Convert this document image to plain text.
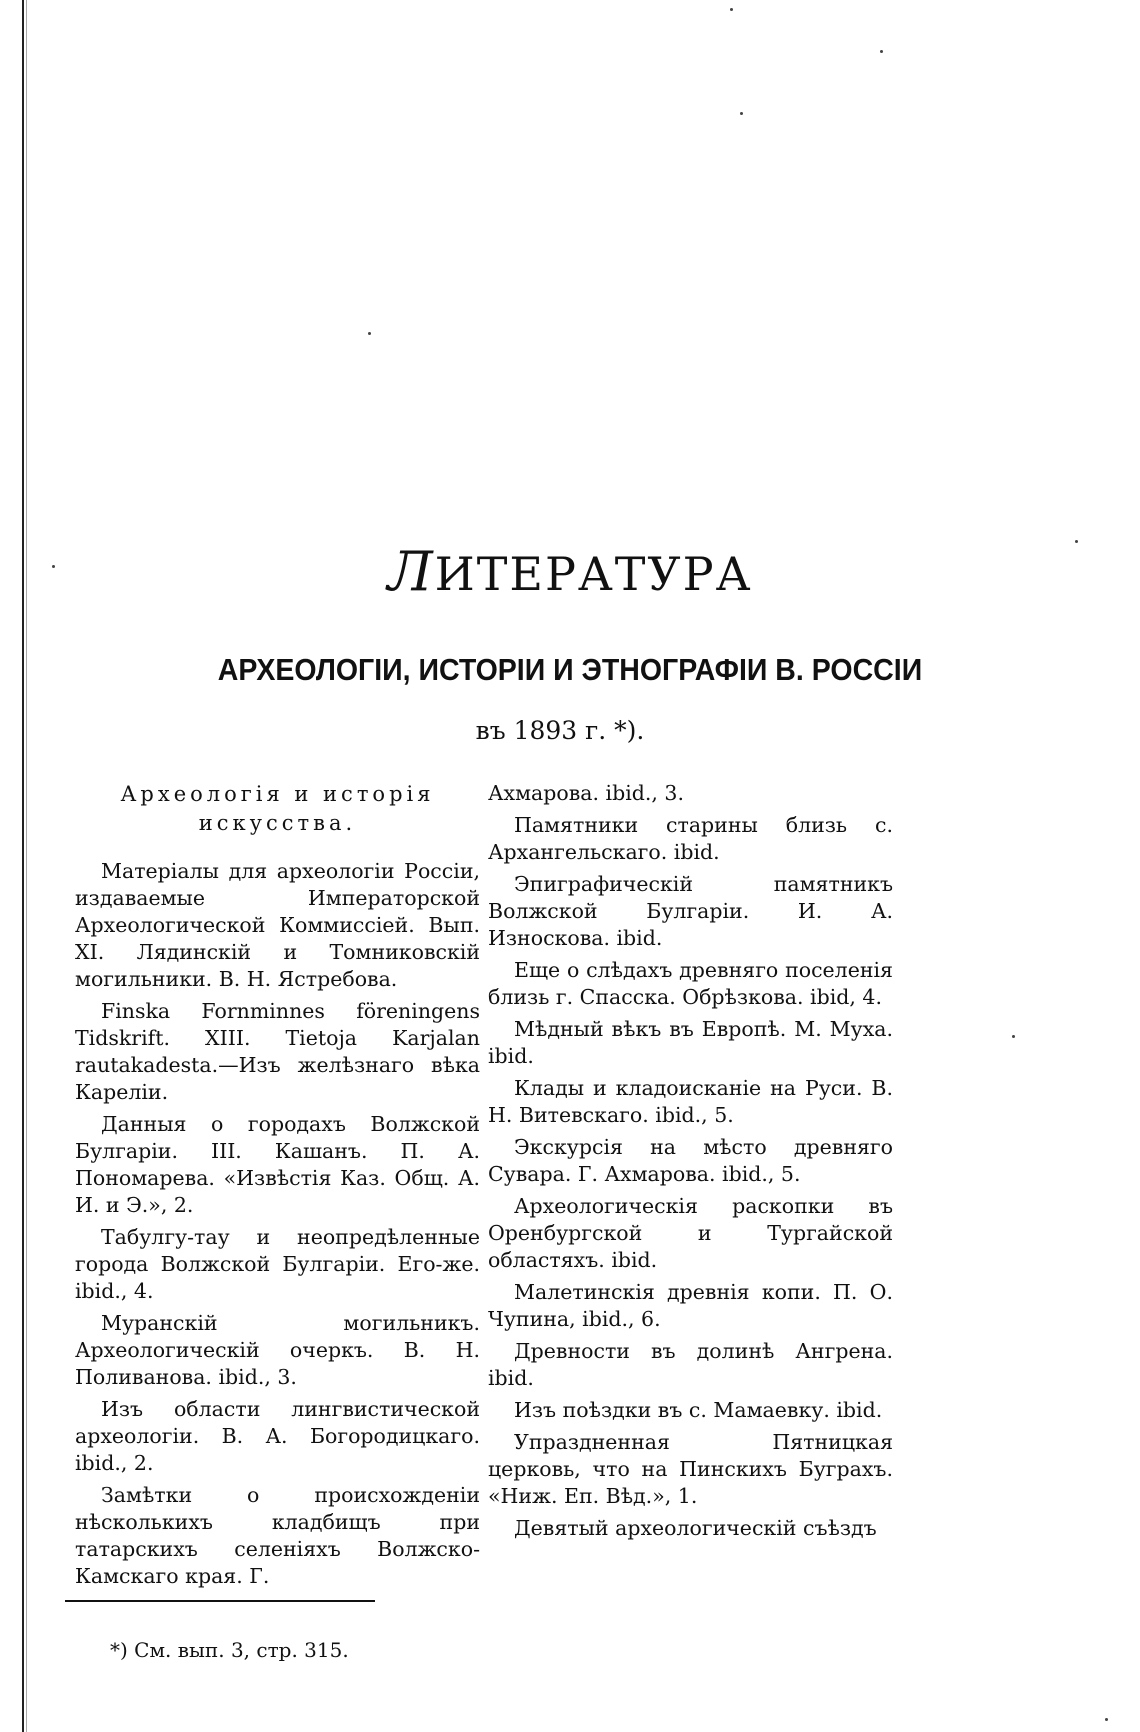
ЛИТЕРАТУРА
АРХЕОЛОГІИ, ИСТОРІИ И ЭТНОГРАФІИ В. РОССІИ
въ 1893 г. *).
Археологія и исторія искусства.

Матеріалы для археологіи Россіи, издаваемые Императорской Археологической Коммиссіей. Вып. XI. Лядинскій и Томниковскій могильники. В. Н. Ястребова.

Finska Fornminnes föreningens Tidskrift. XIII. Tietoja Karjalan rautakadesta.—Изъ желѣзнаго вѣка Кареліи.

Данныя о городахъ Волжской Булгаріи. III. Кашанъ. П. А. Пономарева. «Извѣстія Каз. Общ. А. И. и Э.», 2.

Табулгу-тау и неопредѣленные города Волжской Булгаріи. Его-же. ibid., 4.

Муранскій могильникъ. Археологическій очеркъ. В. Н. Поливанова. ibid., 3.

Изъ области лингвистической археологіи. В. А. Богородицкаго. ibid., 2.

Замѣтки о происхожденіи нѣсколькихъ кладбищъ при татарскихъ селеніяхъ Волжско-Камскаго края. Г.

Ахмарова. ibid., 3.

Памятники старины близь с. Архангельскаго. ibid.

Эпиграфическій памятникъ Волжской Булгаріи. И. А. Износкова. ibid.

Еще о слѣдахъ древняго поселенія близь г. Спасска. Обрѣзкова. ibid, 4.

Мѣдный вѣкъ въ Европѣ. М. Муха. ibid.

Клады и кладоисканіе на Руси. В. Н. Витевскаго. ibid., 5.

Экскурсія на мѣсто древняго Сувара. Г. Ахмарова. ibid., 5.

Археологическія раскопки въ Оренбургской и Тургайской областяхъ. ibid.

Малетинскія древнія копи. П. О. Чупина, ibid., 6.

Древности въ долинѣ Ангрена. ibid.

Изъ поѣздки въ с. Мамаевку. ibid.

Упраздненная Пятницкая церковь, что на Пинскихъ Буграхъ. «Ниж. Еп. Вѣд.», 1.

Девятый археологическій съѣздъ

*) См. вып. 3, стр. 315.
